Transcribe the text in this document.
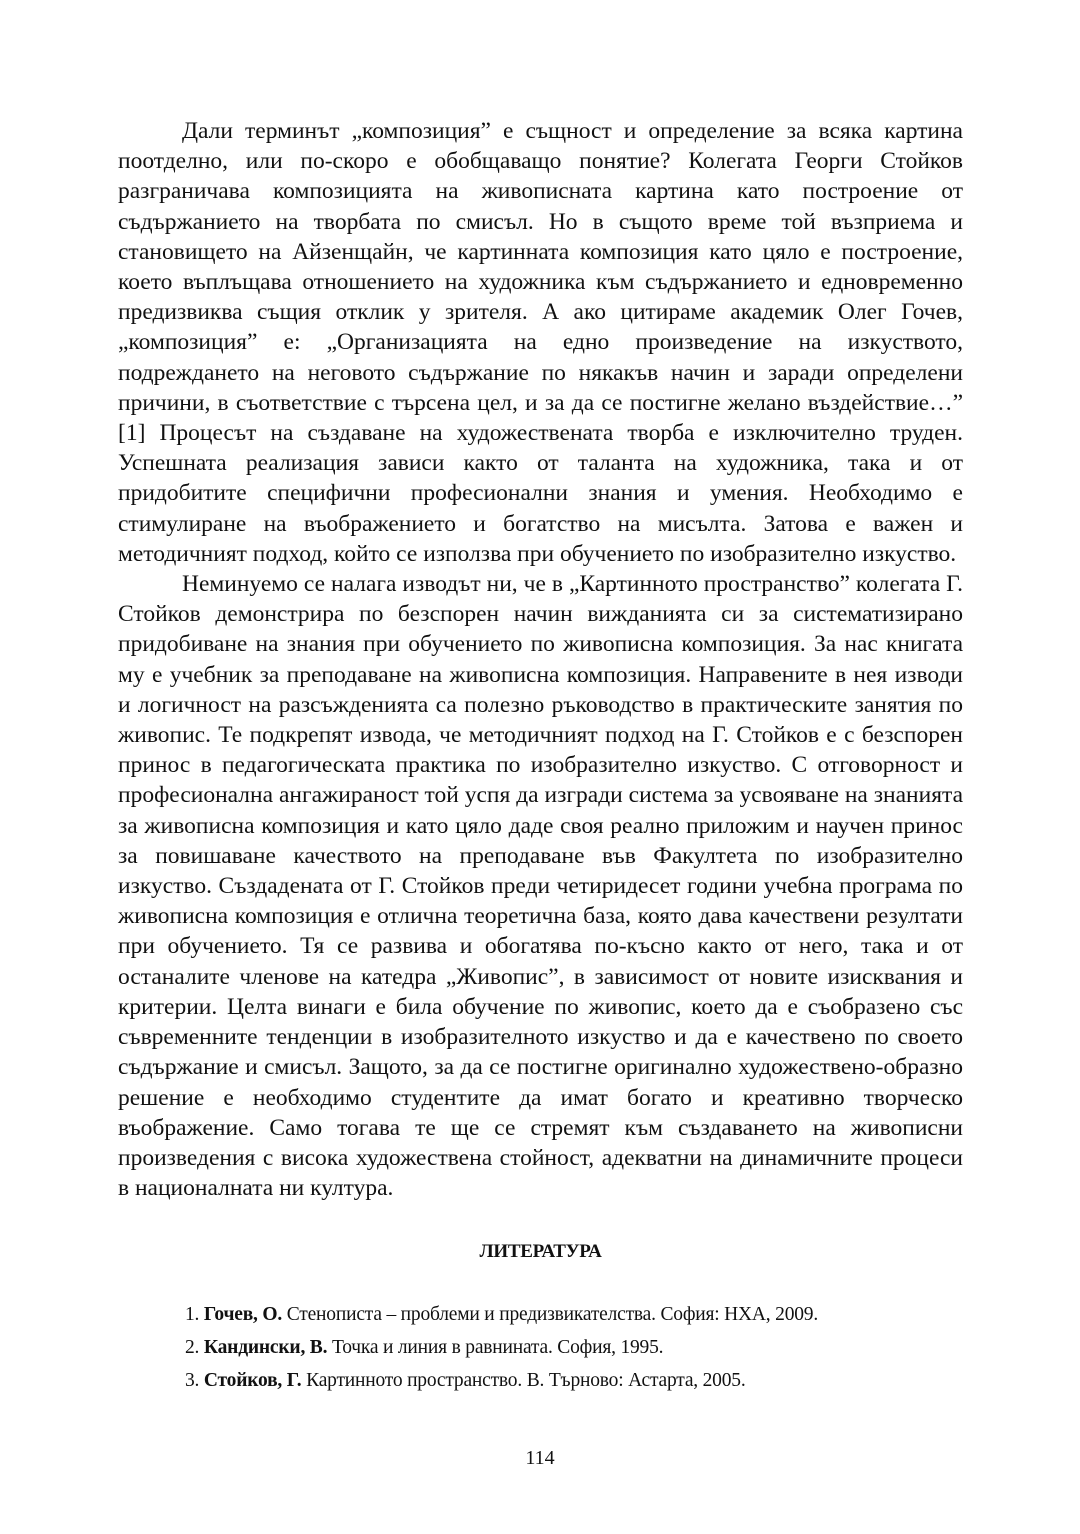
Дали терминът „композиция” е същност и определение за всяка картина поотделно, или по-скоро е обобщаващо понятие? Колегата Георги Стойков разграничава композицията на живописната картина като построение от съдържанието на творбата по смисъл. Но в същото време той възприема и становището на Айзенщайн, че картинната композиция като цяло е построение, което въплъщава отношението на художника към съдържанието и едновременно предизвиква същия отклик у зрителя. А ако цитираме академик Олег Гочев, „композиция” е: „Организацията на едно произведение на изкуството, подреждането на неговото съдържание по някакъв начин и заради определени причини, в съответствие с търсена цел, и за да се постигне желано въздействие…” [1] Процесът на създаване на художествената творба е изключително труден. Успешната реализация зависи както от таланта на художника, така и от придобитите специфични професионални знания и умения. Необходимо е стимулиране на въображението и богатство на мисълта. Затова е важен и методичният подход, който се използва при обучението по изобразително изкуство.

Неминуемо се налага изводът ни, че в „Картинното пространство” колегата Г. Стойков демонстрира по безспорен начин вижданията си за систематизирано придобиване на знания при обучението по живописна композиция. За нас книгата му е учебник за преподаване на живописна композиция. Направените в нея изводи и логичност на разсъжденията са полезно ръководство в практическите занятия по живопис. Те подкрепят извода, че методичният подход на Г. Стойков е с безспорен принос в педагогическата практика по изобразително изкуство. С отговорност и професионална ангажираност той успя да изгради система за усвояване на знанията за живописна композиция и като цяло даде своя реално приложим и научен принос за повишаване качеството на преподаване във Факултета по изобразително изкуство. Създадената от Г. Стойков преди четиридесет години учебна програма по живописна композиция е отлична теоретична база, която дава качествени резултати при обучението. Тя се развива и обогатява по-късно както от него, така и от останалите членове на катедра „Живопис”, в зависимост от новите изисквания и критерии. Целта винаги е била обучение по живопис, което да е съобразено със съвременните тенденции в изобразителното изкуство и да е качествено по своето съдържание и смисъл. Защото, за да се постигне оригинално художествено-образно решение е необходимо студентите да имат богато и креативно творческо въображение. Само тогава те ще се стремят към създаването на живописни произведения с висока художествена стойност, адекватни на динамичните процеси в националната ни култура.

ЛИТЕРАТУРА
1. Гочев, О. Стенописта – проблеми и предизвикателства. София: НХА, 2009.
2. Кандински, В. Точка и линия в равнината. София, 1995.
3. Стойков, Г. Картинното пространство. В. Търново: Астарта, 2005.
114
